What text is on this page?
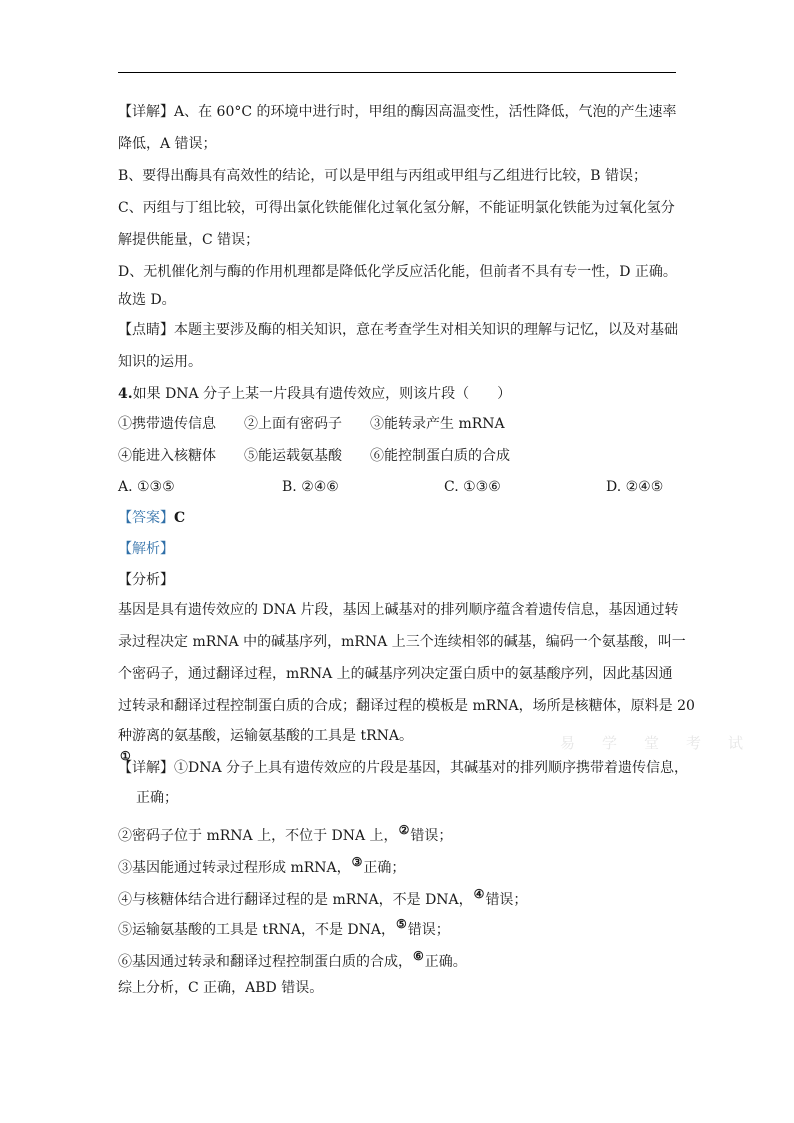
【详解】A、在 60°C 的环境中进行时，甲组的酶因高温变性，活性降低，气泡的产生速率
降低，A 错误；
B、要得出酶具有高效性的结论，可以是甲组与丙组或甲组与乙组进行比较，B 错误；
C、丙组与丁组比较，可得出氯化铁能催化过氧化氢分解，不能证明氯化铁能为过氧化氢分
解提供能量，C 错误；
D、无机催化剂与酶的作用机理都是降低化学反应活化能，但前者不具有专一性，D 正确。
故选 D。
【点睛】本题主要涉及酶的相关知识，意在考查学生对相关知识的理解与记忆，以及对基础
知识的运用。
4.如果 DNA 分子上某一片段具有遗传效应，则该片段（　　）
①携带遗传信息　　②上面有密码子　　③能转录产生 mRNA
④能进入核糖体　　⑤能运载氨基酸　　⑥能控制蛋白质的合成
A. ①③⑤	B. ②④⑥	C. ①③⑥	D. ②④⑤
【答案】C
【解析】
【分析】
基因是具有遗传效应的 DNA 片段，基因上碱基对的排列顺序蕴含着遗传信息，基因通过转
录过程决定 mRNA 中的碱基序列，mRNA 上三个连续相邻的碱基，编码一个氨基酸，叫一
个密码子，通过翻译过程，mRNA 上的碱基序列决定蛋白质中的氨基酸序列，因此基因通
过转录和翻译过程控制蛋白质的合成；翻译过程的模板是 mRNA，场所是核糖体，原料是 20
种游离的氨基酸，运输氨基酸的工具是 tRNA。	易　学　堂　考　试
①
【详解】①DNA 分子上具有遗传效应的片段是基因，其碱基对的排列顺序携带着遗传信息，
正确；
②密码子位于 mRNA 上，不位于 DNA 上，②错误；
③基因能通过转录过程形成 mRNA，③正确；
④与核糖体结合进行翻译过程的是 mRNA，不是 DNA，④错误；
⑤运输氨基酸的工具是 tRNA，不是 DNA，⑤错误；
⑥基因通过转录和翻译过程控制蛋白质的合成，⑥正确。
综上分析，C 正确，ABD 错误。
